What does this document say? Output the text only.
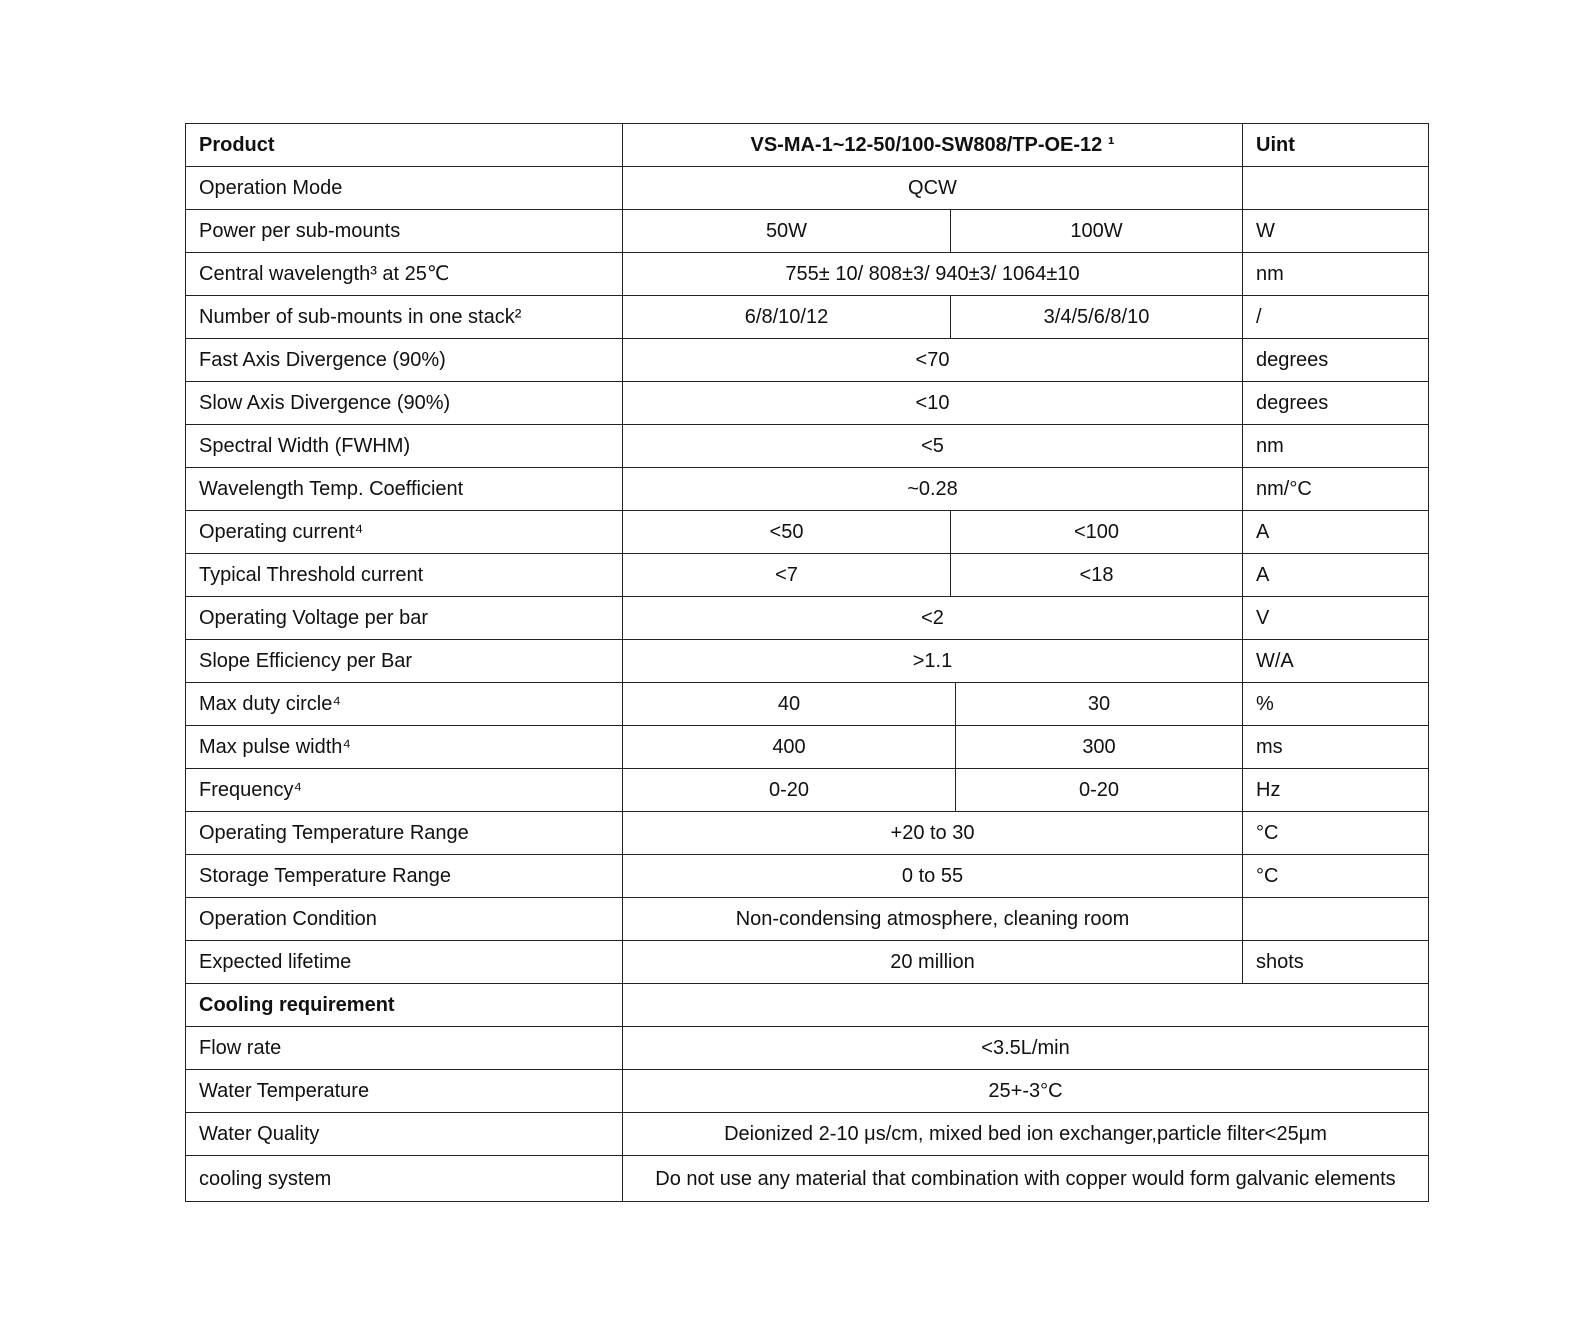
Product	VS-MA-1~12-50/100-SW808/TP-OE-12 ¹			Uint
Operation Mode	QCW			
Power per sub-mounts	50W	100W		W
Central wavelength³ at 25℃	755± 10/ 808±3/ 940±3/ 1064±10			nm
Number of sub-mounts in one stack²	6/8/10/12	3/4/5/6/8/10		/
Fast Axis Divergence (90%)	<70			degrees
Slow Axis Divergence (90%)	<10			degrees
Spectral Width (FWHM)	<5			nm
Wavelength Temp. Coefficient	~0.28			nm/°C
Operating current⁴	<50	<100		A
Typical Threshold current	<7	<18		A
Operating Voltage per bar	<2			V
Slope Efficiency per Bar	>1.1			W/A
Max duty circle⁴	40		30	%
Max pulse width⁴	400		300	ms
Frequency⁴	0-20		0-20	Hz
Operating Temperature Range	+20 to 30			°C
Storage Temperature Range	0 to 55			°C
Operation Condition	Non-condensing atmosphere, cleaning room			
Expected lifetime	20 million			shots
Cooling requirement				
Flow rate	<3.5L/min			
Water Temperature	25+-3°C			
Water Quality	Deionized 2-10 μs/cm, mixed bed ion exchanger,particle filter<25μm			
cooling system	Do not use any material that combination with copper would form galvanic elements			
